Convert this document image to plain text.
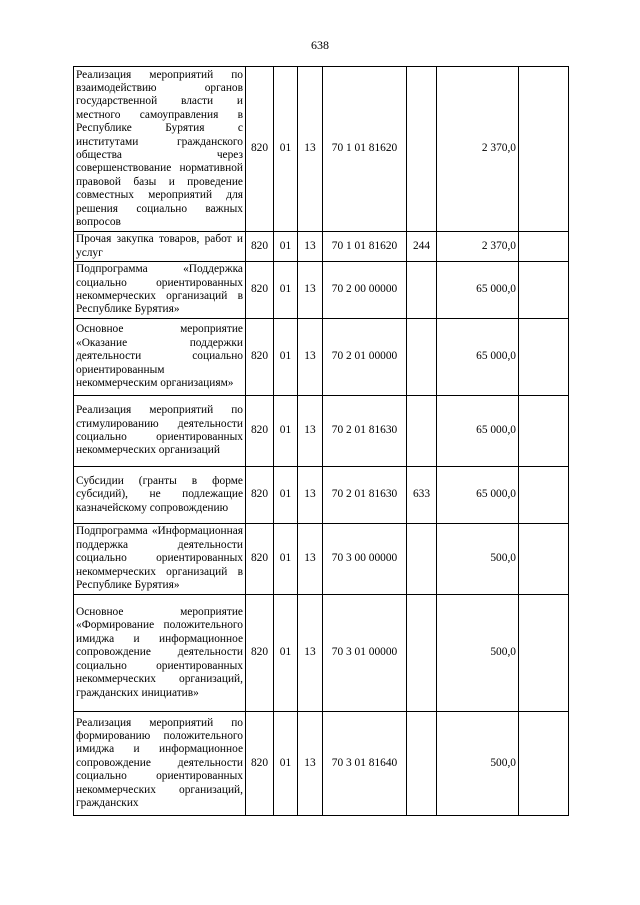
638
Реализация мероприятий по взаимодействию органов государственной власти и местного самоуправления в Республике Бурятия с институтами гражданского общества через совершенствование нормативной правовой базы и проведение совместных мероприятий для решения социально важных вопросов	820	01	13	70 1 01 81620		2 370,0	
Прочая закупка товаров, работ и услуг	820	01	13	70 1 01 81620	244	2 370,0	
Подпрограмма «Поддержка социально ориентированных некоммерческих организаций в Республике Бурятия»	820	01	13	70 2 00 00000		65 000,0	
Основное мероприятие «Оказание поддержки деятельности социально ориентированным некоммерческим организациям»	820	01	13	70 2 01 00000		65 000,0	
Реализация мероприятий по стимулированию деятельности социально ориентированных некоммерческих организаций	820	01	13	70 2 01 81630		65 000,0	
Субсидии (гранты в форме субсидий), не подлежащие казначейскому сопровождению	820	01	13	70 2 01 81630	633	65 000,0	
Подпрограмма «Информационная поддержка деятельности социально ориентированных некоммерческих организаций в Республике Бурятия»	820	01	13	70 3 00 00000		500,0	
Основное мероприятие «Формирование положительного имиджа и информационное сопровождение деятельности социально ориентированных некоммерческих организаций, гражданских инициатив»	820	01	13	70 3 01 00000		500,0	
Реализация мероприятий по формированию положительного имиджа и информационное сопровождение деятельности социально ориентированных некоммерческих организаций, гражданских	820	01	13	70 3 01 81640		500,0	
